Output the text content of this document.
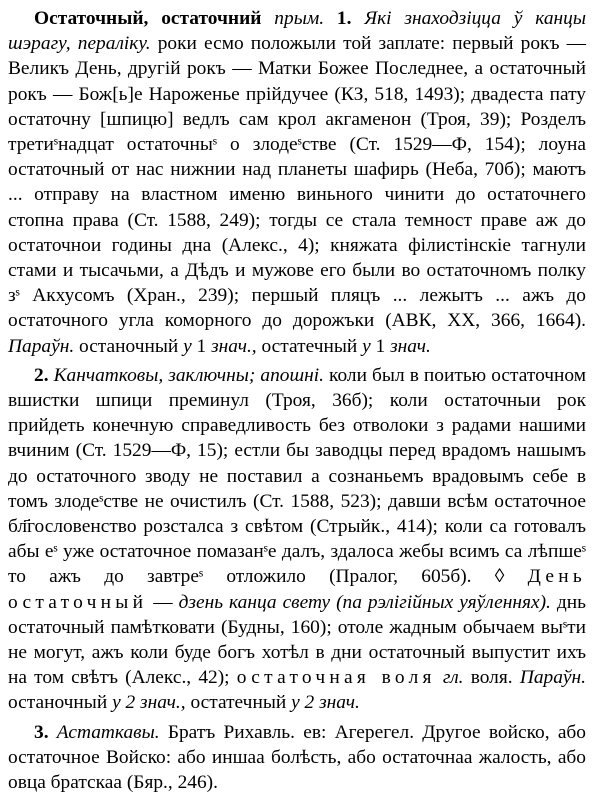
Остаточный, остаточний прым. 1. Якi знаходзiцца ў канцы шэрагу, пераліку. роки есмо положыли той заплате: первый рокъ — Великъ День, другiй рокъ — Матки Божее Последнее, а остаточный рокъ — Бож[ь]е Нароженье прійдучее (КЗ, 518, 1493); двадеста пату остаточну [шпицю] ведлъ сам крол акгаменон (Троя, 39); Розделъ третиˢнадцат остаточныˢ о злодеˢстве (Ст. 1529—Ф, 154); лоуна остаточный от нас нижнии над планеты шафирь (Неба, 70б); маютъ ... отправу на властном именю виньного чинити до остаточнего стопна права (Ст. 1588, 249); тогды се стала темност праве аж до остаточнои годины дна (Алекс., 4); княжата філистінскіе тагнули стами и тысачьми, а Дѣдъ и мужове его были во остаточномъ полку зˢ Акхусомъ (Хран., 239); першый пляцъ ... лежытъ ... ажъ до остаточного угла коморного до дорожъки (АВК, ХХ, 366, 1664). Параўн. останочный у 1 знач., остатечный у 1 знач.

2. Канчатковы, заключны; апошні. коли был в поитью остаточном вшистки шпици преминул (Троя, 36б); коли остаточныи рок прийдеть конечную справедливость без отволоки з радами нашими вчиним (Ст. 1529—Ф, 15); естли бы заводцы перед врадомъ нашымъ до остаточного зводу не поставил а сознаньемъ врадовымъ себе в томъ злодеˢстве не очистилъ (Ст. 1588, 523); давши всѣм остаточное бл҃гословенство розсталса з свѣтом (Стрыйк., 414); коли са готовалъ абы еˢ уже остаточное помазанˢе далъ, здалоса жебы всимъ са лѣпшеˢ то ажъ до завтреˢ отложило (Пралог, 605б). ◊ День остаточный — дзень канца свету (па рэлігійных уяўленнях). днь остаточный памѣтковати (Будны, 160); отоле жадным обычаем выˢти не могут, ажъ коли буде богъ хотѣл в дни остаточный выпустит ихъ на том свѣтъ (Алекс., 42); остаточная воля гл. воля. Параўн. останочный у 2 знач., остатечный у 2 знач.

3. Астаткавы. Братъ Рихавль. ев: Агерегел. Другое войско, або остаточное Войско: або иншаа болѣсть, або остаточнаа жалость, або овца братскаа (Бяр., 246).
